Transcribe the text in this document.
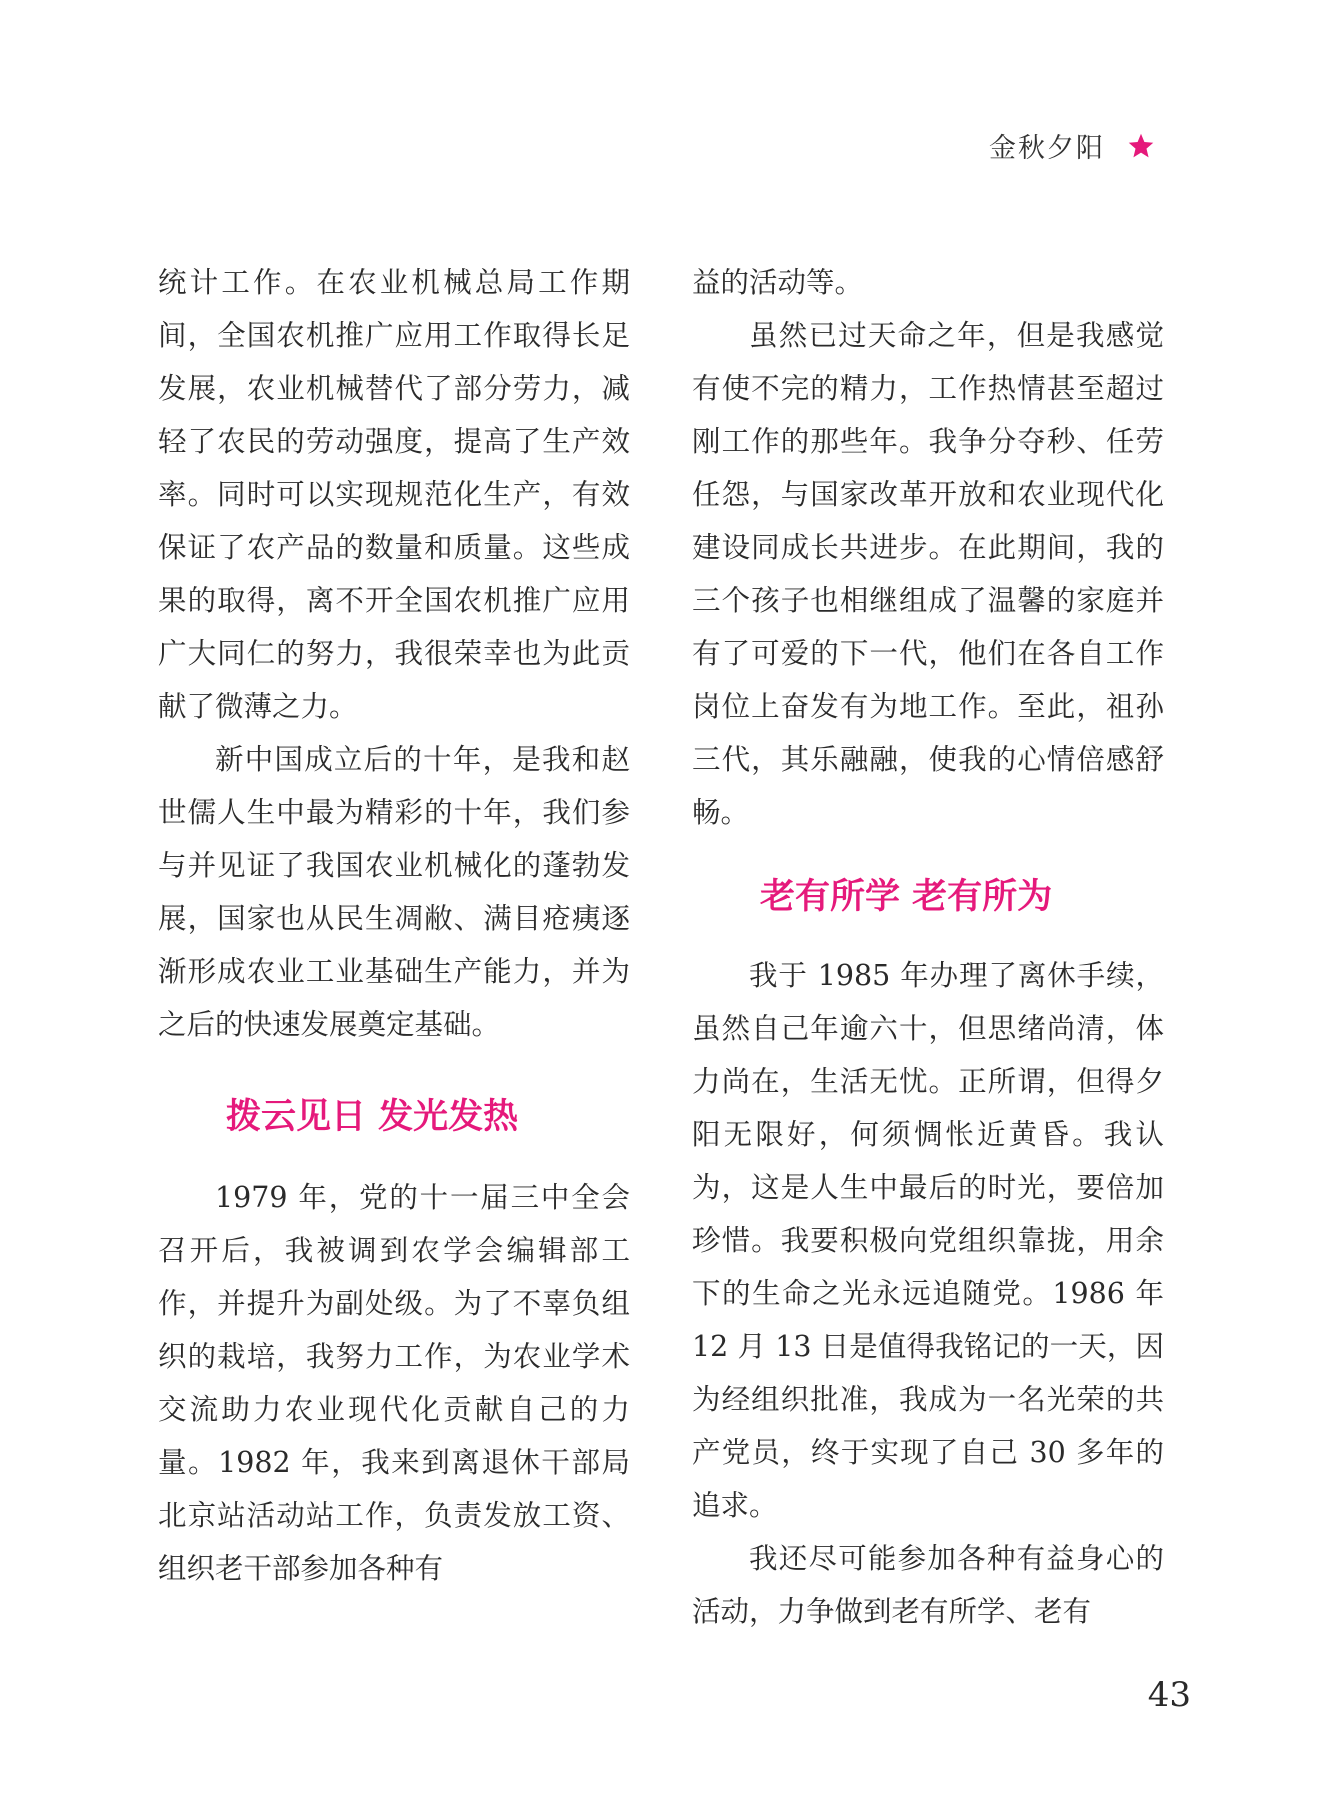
金秋夕阳

统计工作。在农业机械总局工作期间，全国农机推广应用工作取得长足发展，农业机械替代了部分劳力，减轻了农民的劳动强度，提高了生产效率。同时可以实现规范化生产，有效保证了农产品的数量和质量。这些成果的取得，离不开全国农机推广应用广大同仁的努力，我很荣幸也为此贡献了微薄之力。

新中国成立后的十年，是我和赵世儒人生中最为精彩的十年，我们参与并见证了我国农业机械化的蓬勃发展，国家也从民生凋敝、满目疮痍逐渐形成农业工业基础生产能力，并为之后的快速发展奠定基础。

拨云见日 发光发热

1979 年，党的十一届三中全会召开后，我被调到农学会编辑部工作，并提升为副处级。为了不辜负组织的栽培，我努力工作，为农业学术交流助力农业现代化贡献自己的力量。1982 年，我来到离退休干部局北京站活动站工作，负责发放工资、组织老干部参加各种有

益的活动等。

虽然已过天命之年，但是我感觉有使不完的精力，工作热情甚至超过刚工作的那些年。我争分夺秒、任劳任怨，与国家改革开放和农业现代化建设同成长共进步。在此期间，我的三个孩子也相继组成了温馨的家庭并有了可爱的下一代，他们在各自工作岗位上奋发有为地工作。至此，祖孙三代，其乐融融，使我的心情倍感舒畅。

老有所学 老有所为

我于 1985 年办理了离休手续，虽然自己年逾六十，但思绪尚清，体力尚在，生活无忧。正所谓，但得夕阳无限好，何须惆怅近黄昏。我认为，这是人生中最后的时光，要倍加珍惜。我要积极向党组织靠拢，用余下的生命之光永远追随党。1986 年 12 月 13 日是值得我铭记的一天，因为经组织批准，我成为一名光荣的共产党员，终于实现了自己 30 多年的追求。

我还尽可能参加各种有益身心的活动，力争做到老有所学、老有

43
